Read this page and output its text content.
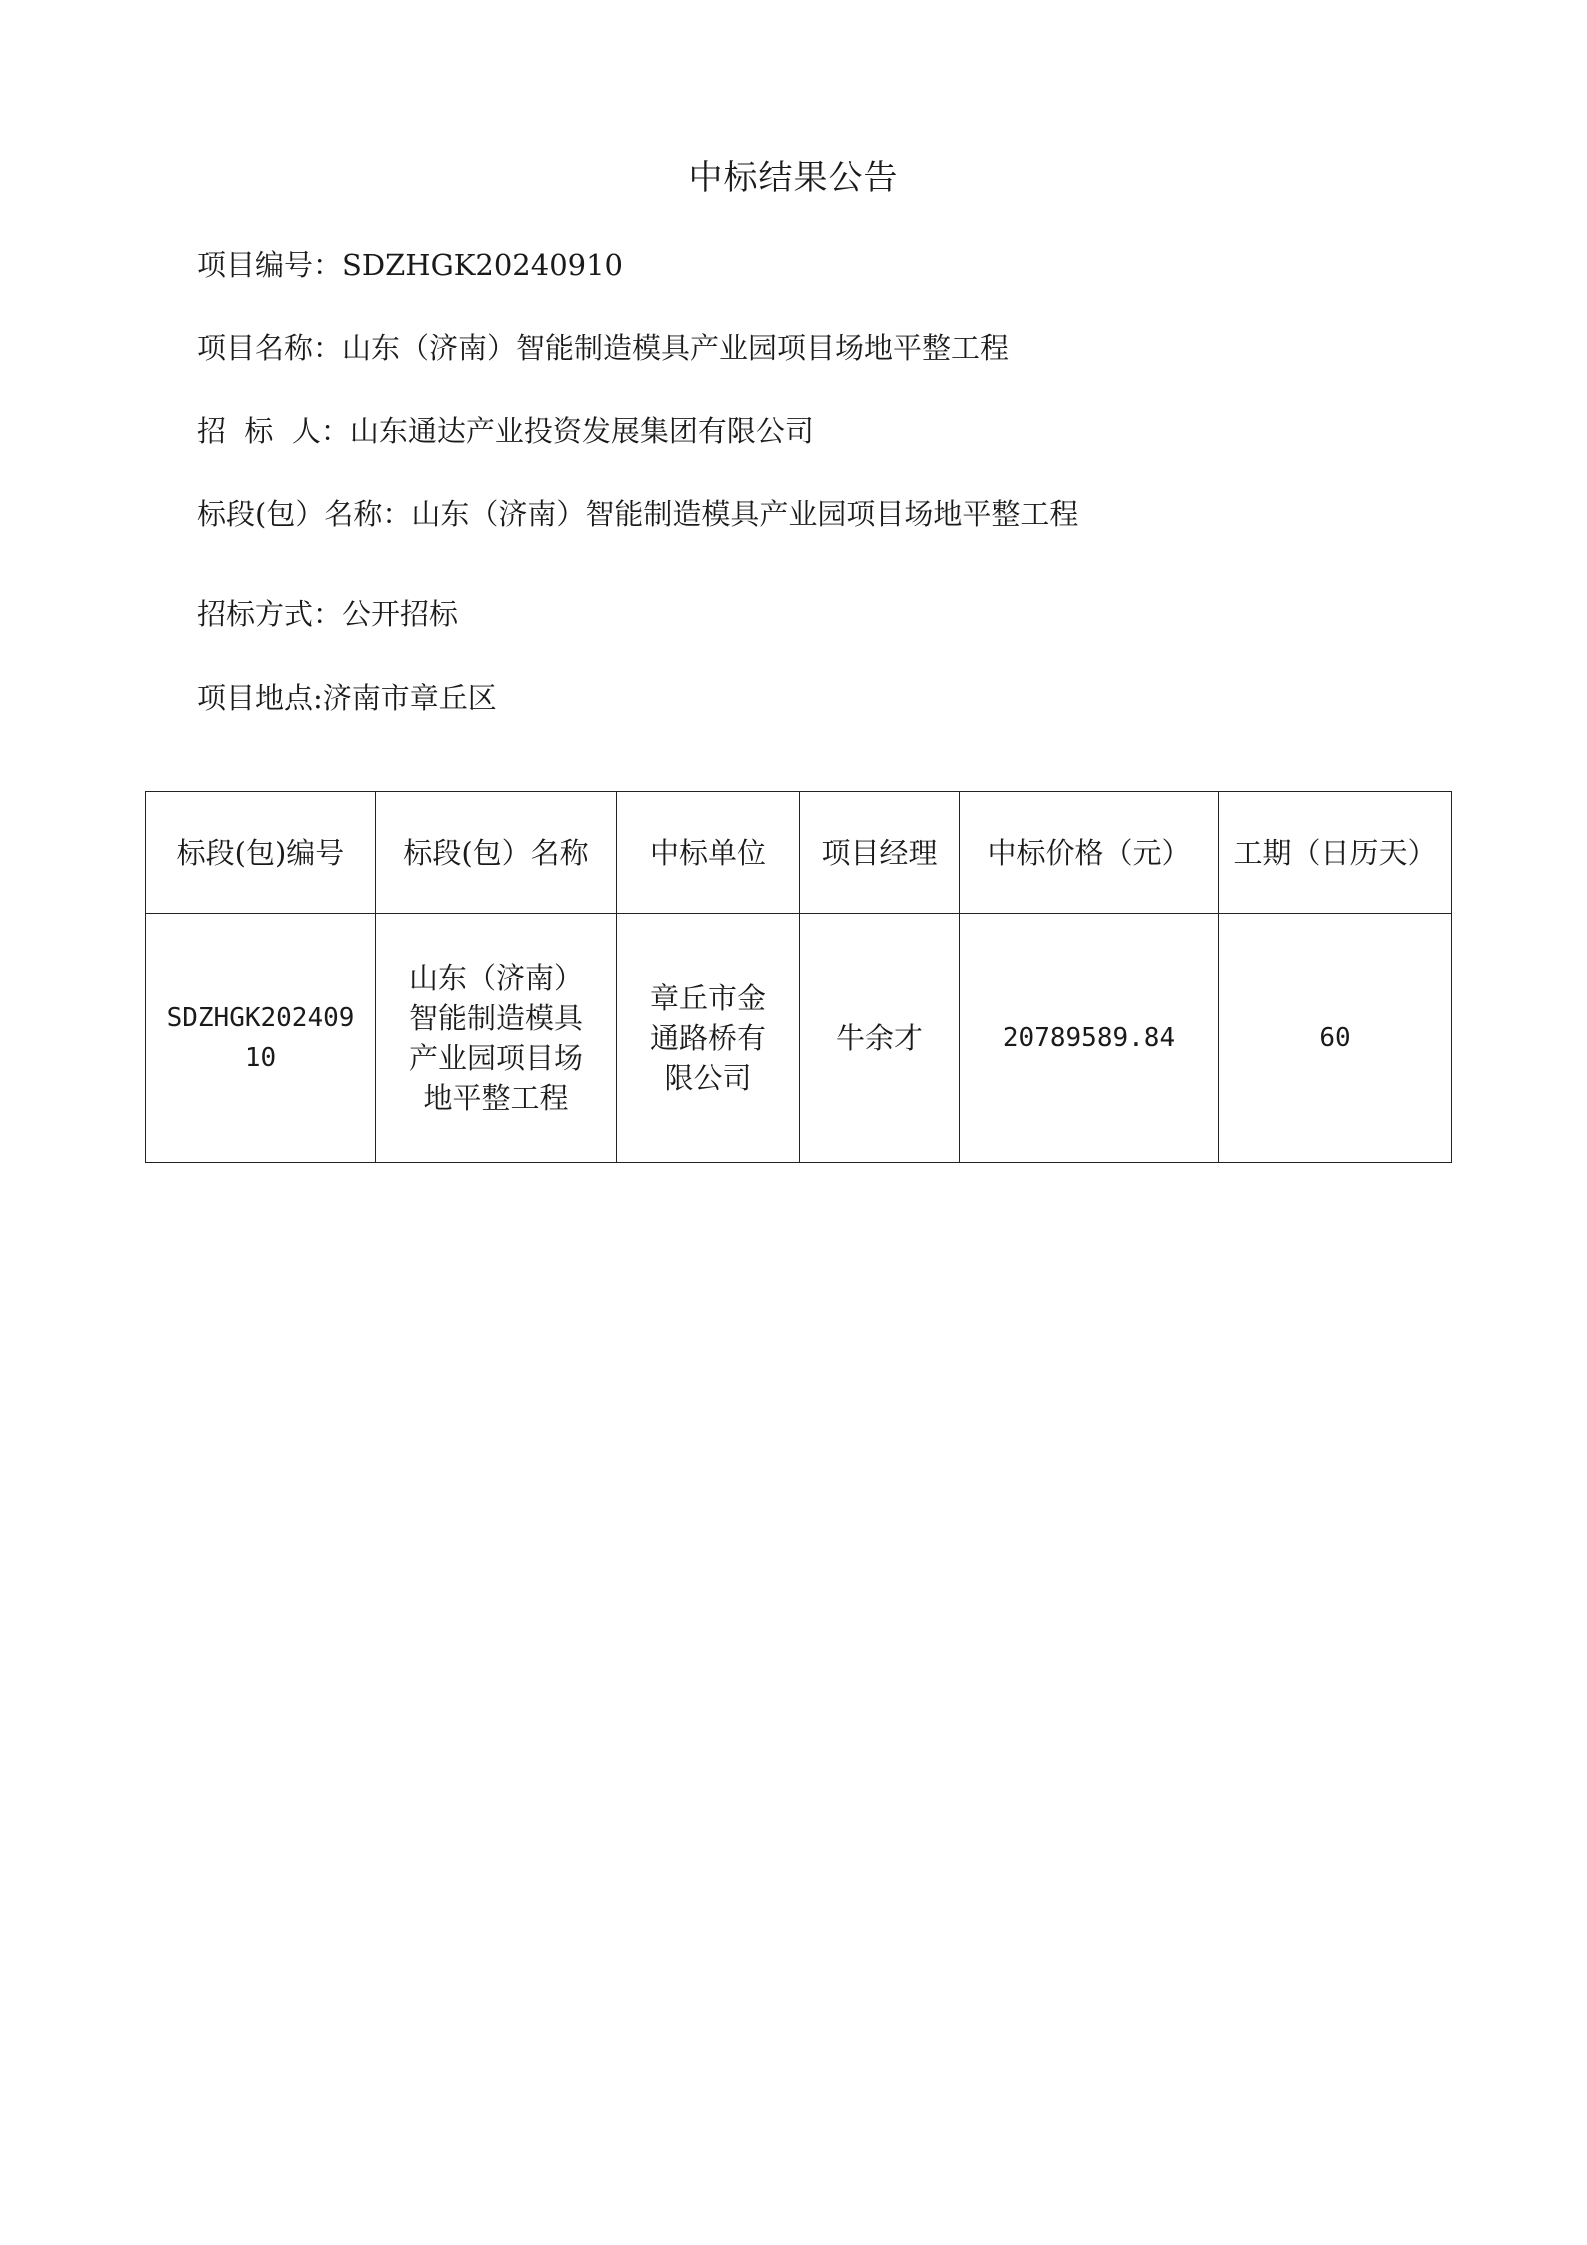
中标结果公告
项目编号：SDZHGK20240910
项目名称：山东（济南）智能制造模具产业园项目场地平整工程
招  标  人：山东通达产业投资发展集团有限公司
标段(包）名称：山东（济南）智能制造模具产业园项目场地平整工程
招标方式：公开招标
项目地点:济南市章丘区
标段(包)编号	标段(包）名称	中标单位	项目经理	中标价格（元）	工期（日历天）
SDZHGK20240910	山东（济南）智能制造模具产业园项目场地平整工程	章丘市金通路桥有限公司	牛余才	20789589.84	60
